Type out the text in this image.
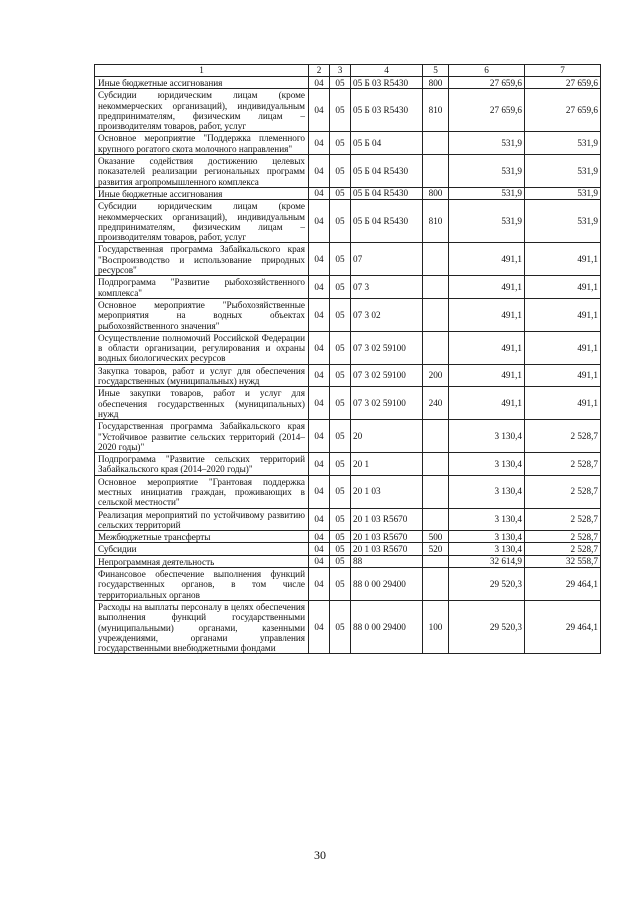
1	2	3	4	5	6	7
Иные бюджетные ассигнования	04	05	05 Б 03 R5430	800	27 659,6	27 659,6
Субсидии юридическим лицам (кроме некоммерческих организаций), индивидуальным предпринимателям, физическим лицам – производителям товаров, работ, услуг	04	05	05 Б 03 R5430	810	27 659,6	27 659,6
Основное мероприятие "Поддержка племенного крупного рогатого скота молочного направления"	04	05	05 Б 04		531,9	531,9
Оказание содействия достижению целевых показателей реализации региональных программ развития агропромышленного комплекса	04	05	05 Б 04 R5430		531,9	531,9
Иные бюджетные ассигнования	04	05	05 Б 04 R5430	800	531,9	531,9
Субсидии юридическим лицам (кроме некоммерческих организаций), индивидуальным предпринимателям, физическим лицам – производителям товаров, работ, услуг	04	05	05 Б 04 R5430	810	531,9	531,9
Государственная программа Забайкальского края "Воспроизводство и использование природных ресурсов"	04	05	07		491,1	491,1
Подпрограмма "Развитие рыбохозяйственного комплекса"	04	05	07 3		491,1	491,1
Основное мероприятие "Рыбохозяйственные мероприятия на водных объектах рыбохозяйственного значения"	04	05	07 3 02		491,1	491,1
Осуществление полномочий Российской Федерации в области организации, регулирования и охраны водных биологических ресурсов	04	05	07 3 02 59100		491,1	491,1
Закупка товаров, работ и услуг для обеспечения государственных (муниципальных) нужд	04	05	07 3 02 59100	200	491,1	491,1
Иные закупки товаров, работ и услуг для обеспечения государственных (муниципальных) нужд	04	05	07 3 02 59100	240	491,1	491,1
Государственная программа Забайкальского края "Устойчивое развитие сельских территорий (2014–2020 годы)"	04	05	20		3 130,4	2 528,7
Подпрограмма "Развитие сельских территорий Забайкальского края (2014–2020 годы)"	04	05	20 1		3 130,4	2 528,7
Основное мероприятие "Грантовая поддержка местных инициатив граждан, проживающих в сельской местности"	04	05	20 1 03		3 130,4	2 528,7
Реализация мероприятий по устойчивому развитию сельских территорий	04	05	20 1 03 R5670		3 130,4	2 528,7
Межбюджетные трансферты	04	05	20 1 03 R5670	500	3 130,4	2 528,7
Субсидии	04	05	20 1 03 R5670	520	3 130,4	2 528,7
Непрограммная деятельность	04	05	88		32 614,9	32 558,7
Финансовое обеспечение выполнения функций государственных органов, в том числе территориальных органов	04	05	88 0 00 29400		29 520,3	29 464,1
Расходы на выплаты персоналу в целях обеспечения выполнения функций государственными (муниципальными) органами, казенными учреждениями, органами управления государственными внебюджетными фондами	04	05	88 0 00 29400	100	29 520,3	29 464,1
30
